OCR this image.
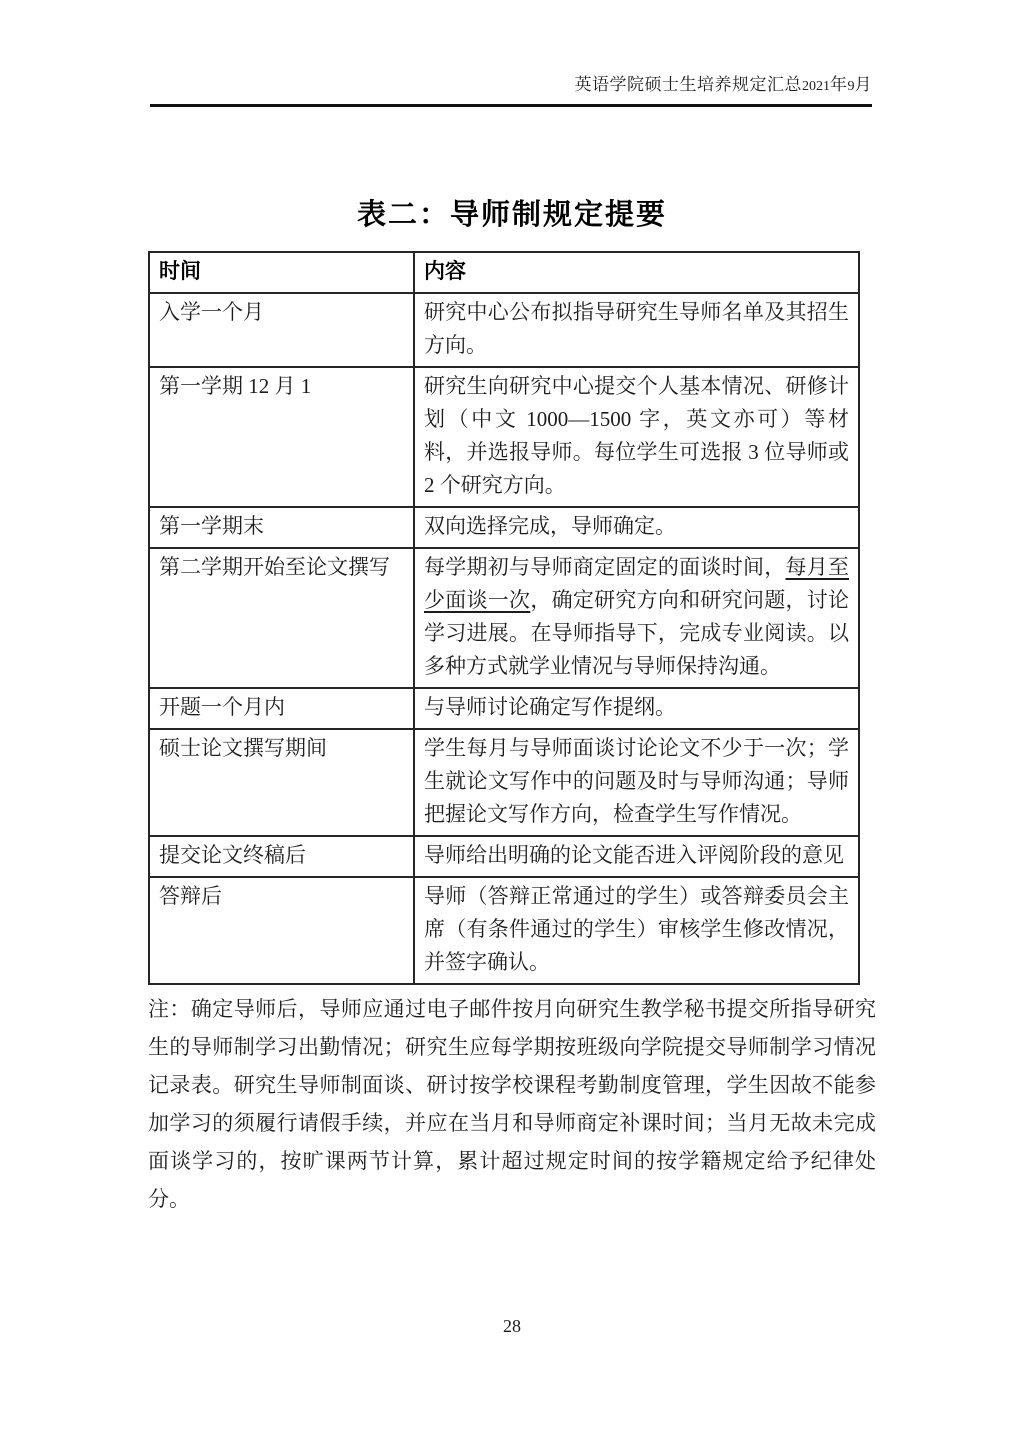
英语学院硕士生培养规定汇总2021年9月
表二：导师制规定提要
时间	内容
入学一个月	研究中心公布拟指导研究生导师名单及其招生方向。
第一学期 12 月 1	研究生向研究中心提交个人基本情况、研修计划（中文 1000—1500 字，英文亦可）等材料，并选报导师。每位学生可选报 3 位导师或 2 个研究方向。
第一学期末	双向选择完成，导师确定。
第二学期开始至论文撰写	每学期初与导师商定固定的面谈时间，每月至少面谈一次，确定研究方向和研究问题，讨论学习进展。在导师指导下，完成专业阅读。以多种方式就学业情况与导师保持沟通。
开题一个月内	与导师讨论确定写作提纲。
硕士论文撰写期间	学生每月与导师面谈讨论论文不少于一次；学生就论文写作中的问题及时与导师沟通；导师把握论文写作方向，检查学生写作情况。
提交论文终稿后	导师给出明确的论文能否进入评阅阶段的意见
答辩后	导师（答辩正常通过的学生）或答辩委员会主席（有条件通过的学生）审核学生修改情况，并签字确认。

注：确定导师后，导师应通过电子邮件按月向研究生教学秘书提交所指导研究生的导师制学习出勤情况；研究生应每学期按班级向学院提交导师制学习情况记录表。研究生导师制面谈、研讨按学校课程考勤制度管理，学生因故不能参加学习的须履行请假手续，并应在当月和导师商定补课时间；当月无故未完成面谈学习的，按旷课两节计算，累计超过规定时间的按学籍规定给予纪律处分。

28
